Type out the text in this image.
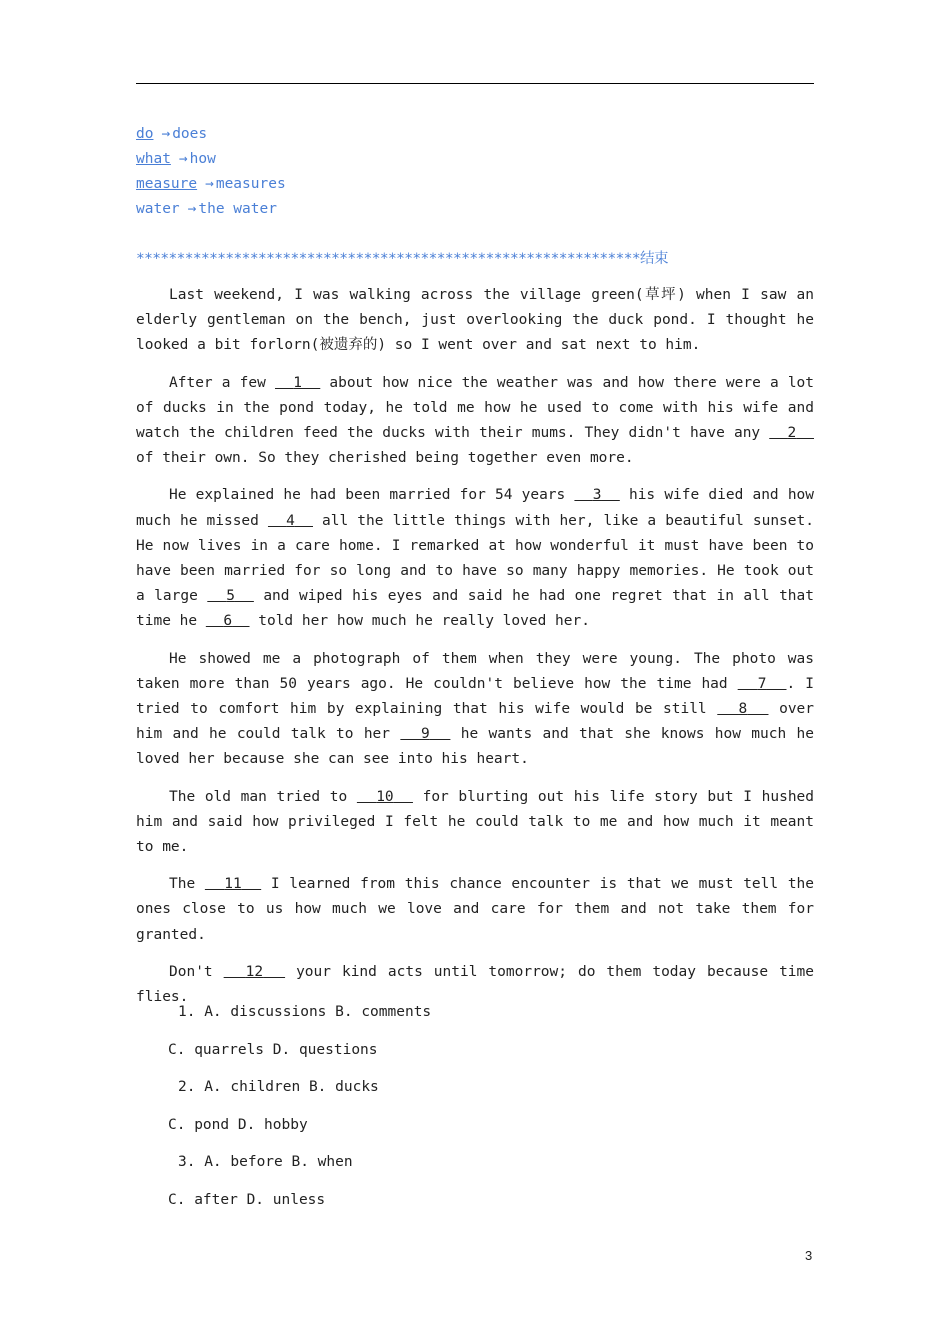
do → does
what → how
measure → measures
water → the water
**************************************************************结束

Last weekend, I was walking across the village green(草坪) when I saw an elderly gentleman on the bench, just overlooking the duck pond. I thought he looked a bit forlorn(被遗弃的) so I went over and sat next to him.

After a few   1   about how nice the weather was and how there were a lot of ducks in the pond today, he told me how he used to come with his wife and watch the children feed the ducks with their mums. They didn't have any   2   of their own. So they cherished being together even more.

He explained he had been married for 54 years   3   his wife died and how much he missed   4   all the little things with her, like a beautiful sunset. He now lives in a care home. I remarked at how wonderful it must have been to have been married for so long and to have so many happy memories. He took out a large   5   and wiped his eyes and said he had one regret that in all that time he   6   told her how much he really loved her.

He showed me a photograph of them when they were young. The photo was taken more than 50 years ago. He couldn't believe how the time had   7 . I tried to comfort him by explaining that his wife would be still   8   over him and he could talk to her   9   he wants and that she knows how much he loved her because she can see into his heart.

The old man tried to   10   for blurting out his life story but I hushed him and said how privileged I felt he could talk to me and how much it meant to me.

The   11   I learned from this chance encounter is that we must tell the ones close to us how much we love and care for them and not take them for granted.

Don't   12   your kind acts until tomorrow; do them today because time flies.

1. A. discussions B. comments
C. quarrels D. questions
2. A. children B. ducks
C. pond D. hobby
3. A. before B. when
C. after D. unless
3
